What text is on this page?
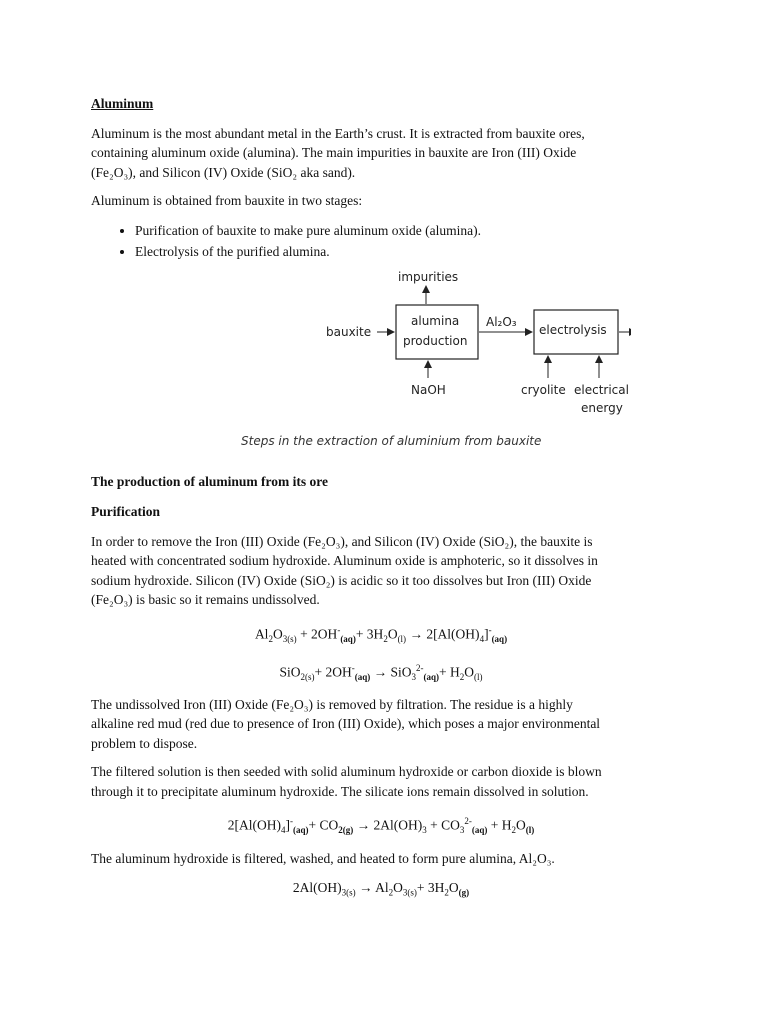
Aluminum

Aluminum is the most abundant metal in the Earth’s crust. It is extracted from bauxite ores,

containing aluminum oxide (alumina). The main impurities in bauxite are Iron (III) Oxide

(Fe₂O₃), and Silicon (IV) Oxide (SiO₂ aka sand).

Aluminum is obtained from bauxite in two stages:

• Purification of bauxite to make pure aluminum oxide (alumina).
• Electrolysis of the purified alumina.
impurities
bauxite
alumina
production
Al₂O₃
electrolysis
NaOH	cryolite electrical
energy
Steps in the extraction of aluminium from bauxite

The production of aluminum from its ore

Purification

In order to remove the Iron (III) Oxide (Fe₂O₃), and Silicon (IV) Oxide (SiO₂), the bauxite is

heated with concentrated sodium hydroxide. Aluminum oxide is amphoteric, so it dissolves in

sodium hydroxide. Silicon (IV) Oxide (SiO₂) is acidic so it too dissolves but Iron (III) Oxide

(Fe₂O₃) is basic so it remains undissolved.

$Al_2O_{3(s)} + 2OH^-_{(aq)}+ 3H_2O_{(l)} \to 2[Al(OH)_4]^-_{(aq)}$

$SiO_{2(s)}+ 2OH^-_{(aq)} \to SiO_3^{2-}_{(aq)}+ H_2O_{(l)}$

The undissolved Iron (III) Oxide (Fe₂O₃) is removed by filtration. The residue is a highly

alkaline red mud (red due to presence of Iron (III) Oxide), which poses a major environmental

problem to dispose.

The filtered solution is then seeded with solid aluminum hydroxide or carbon dioxide is blown

through it to precipitate aluminum hydroxide. The silicate ions remain dissolved in solution.

$2[Al(OH)_4]^-_{(aq)}+ CO_{2(g)} \to 2Al(OH)_3 + CO_3^{2-}_{(aq)} + H_2O_{(l)}$

The aluminum hydroxide is filtered, washed, and heated to form pure alumina, Al₂O₃.

$2Al(OH)_{3(s)} \to Al_2O_{3(s)}+ 3H_2O_{(g)}$
